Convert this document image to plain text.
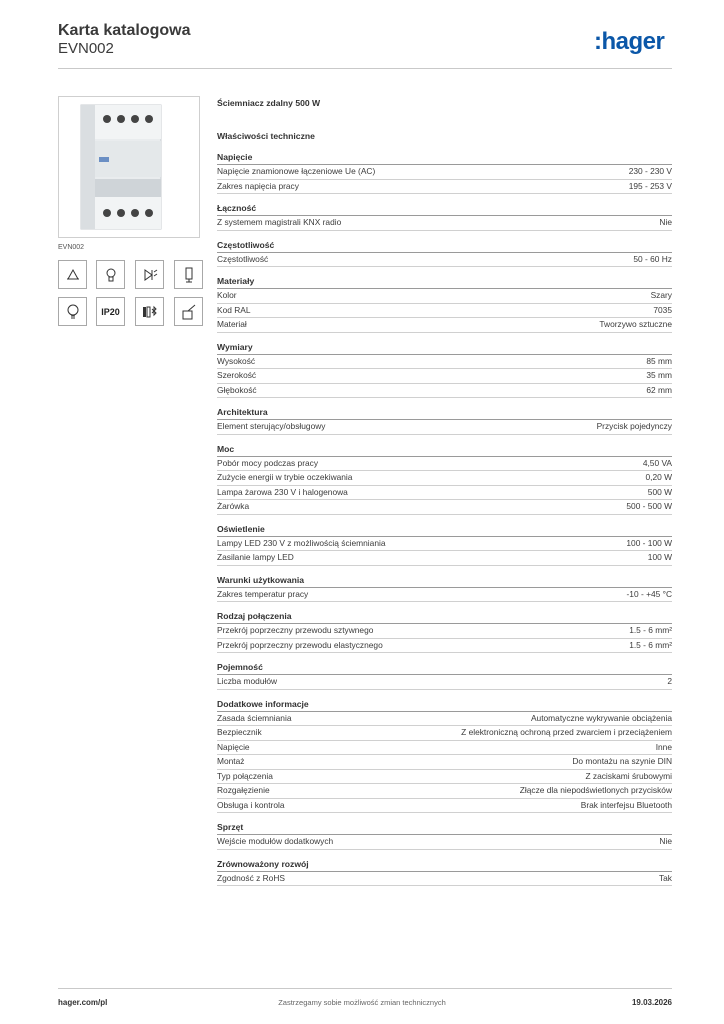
Karta katalogowa
EVN002	:hager
EVN002
IP20
Ściemniacz zdalny 500 W
Właściwości techniczne
Napięcie
Napięcie znamionowe łączeniowe Ue (AC)	230 - 230 V
Zakres napięcia pracy	195 - 253 V
Łączność
Z systemem magistrali KNX radio	Nie
Częstotliwość
Częstotliwość	50 - 60 Hz
Materiały
Kolor	Szary
Kod RAL	7035
Materiał	Tworzywo sztuczne
Wymiary
Wysokość	85 mm
Szerokość	35 mm
Głębokość	62 mm
Architektura
Element sterujący/obsługowy	Przycisk pojedynczy
Moc
Pobór mocy podczas pracy	4,50 VA
Zużycie energii w trybie oczekiwania	0,20 W
Lampa żarowa 230 V i halogenowa	500 W
Żarówka	500 - 500 W
Oświetlenie
Lampy LED 230 V z możliwością ściemniania	100 - 100 W
Zasilanie lampy LED	100 W
Warunki użytkowania
Zakres temperatur pracy	-10 - +45 °C
Rodzaj połączenia
Przekrój poprzeczny przewodu sztywnego	1.5 - 6 mm²
Przekrój poprzeczny przewodu elastycznego	1.5 - 6 mm²
Pojemność
Liczba modułów	2
Dodatkowe informacje
Zasada ściemniania	Automatyczne wykrywanie obciążenia
Bezpiecznik	Z elektroniczną ochroną przed zwarciem i przeciążeniem
Napięcie	Inne
Montaż	Do montażu na szynie DIN
Typ połączenia	Z zaciskami śrubowymi
Rozgałęzienie	Złącze dla niepodświetlonych przycisków
Obsługa i kontrola	Brak interfejsu Bluetooth
Sprzęt
Wejście modułów dodatkowych	Nie
Zrównoważony rozwój
Zgodność z RoHS	Tak
Zastrzegamy sobie możliwość zmian technicznych
hager.com/pl	19.03.2026
